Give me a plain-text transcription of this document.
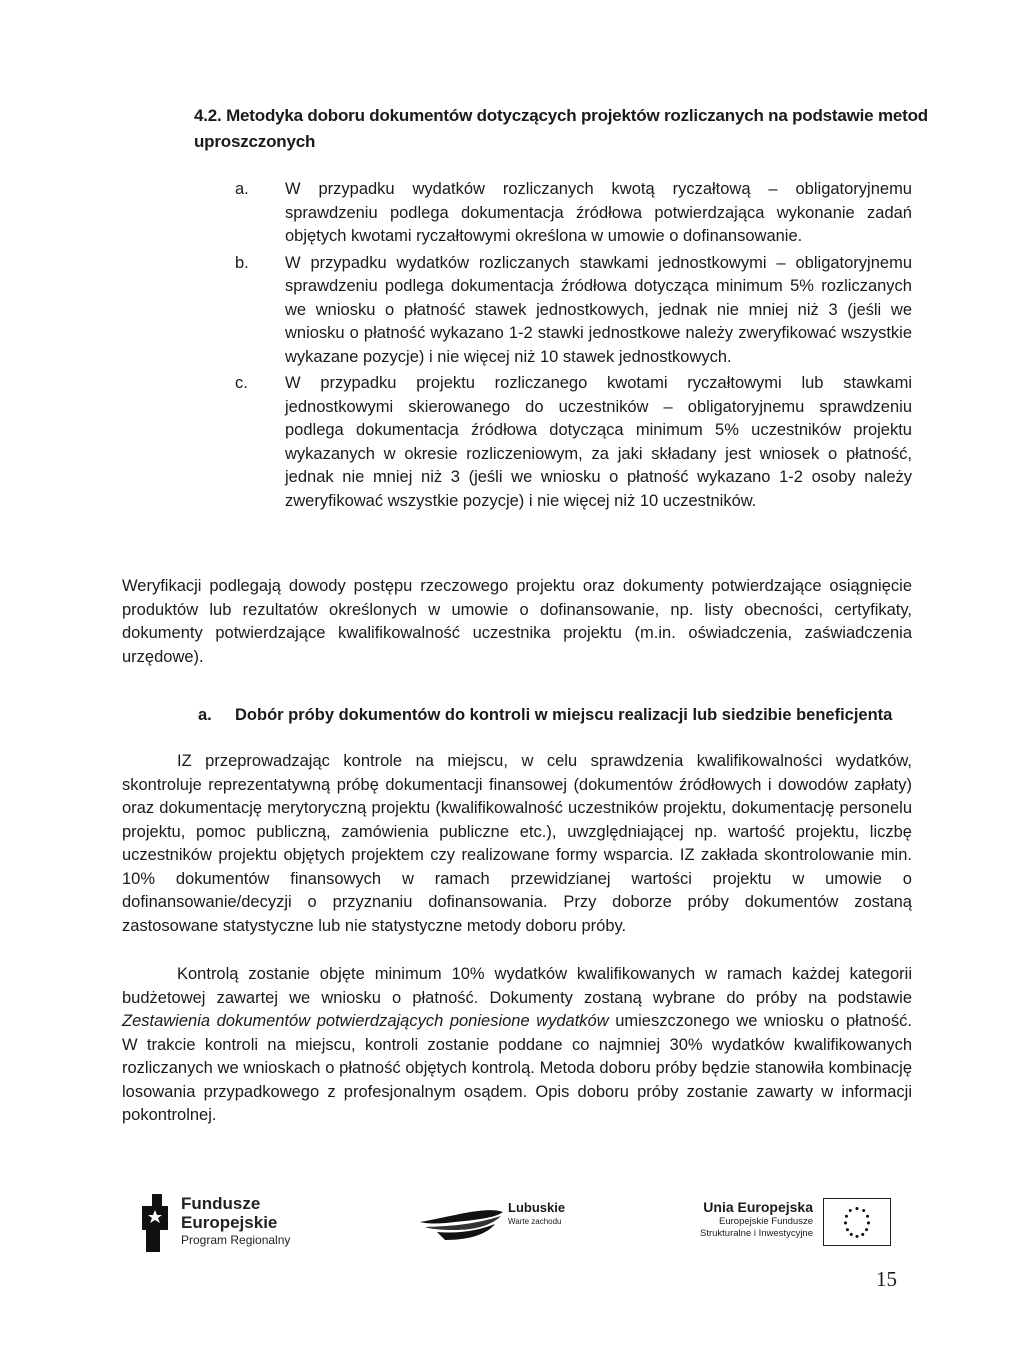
4.2. Metodyka doboru dokumentów dotyczących projektów rozliczanych na podstawie metod uproszczonych
a. W przypadku wydatków rozliczanych kwotą ryczałtową – obligatoryjnemu sprawdzeniu podlega dokumentacja źródłowa potwierdzająca wykonanie zadań objętych kwotami ryczałtowymi określona w umowie o dofinansowanie.
b. W przypadku wydatków rozliczanych stawkami jednostkowymi – obligatoryjnemu sprawdzeniu podlega dokumentacja źródłowa dotycząca minimum 5% rozliczanych we wniosku o płatność stawek jednostkowych, jednak nie mniej niż 3 (jeśli we wniosku o płatność wykazano 1-2 stawki jednostkowe należy zweryfikować wszystkie wykazane pozycje) i nie więcej niż 10 stawek jednostkowych.
c. W przypadku projektu rozliczanego kwotami ryczałtowymi lub stawkami jednostkowymi skierowanego do uczestników – obligatoryjnemu sprawdzeniu podlega dokumentacja źródłowa dotycząca minimum 5% uczestników projektu wykazanych w okresie rozliczeniowym, za jaki składany jest wniosek o płatność, jednak nie mniej niż 3 (jeśli we wniosku o płatność wykazano 1-2 osoby należy zweryfikować wszystkie pozycje) i nie więcej niż 10 uczestników.
Weryfikacji podlegają dowody postępu rzeczowego projektu oraz dokumenty potwierdzające osiągnięcie produktów lub rezultatów określonych w umowie o dofinansowanie, np. listy obecności, certyfikaty, dokumenty potwierdzające kwalifikowalność uczestnika projektu (m.in. oświadczenia, zaświadczenia urzędowe).
a. Dobór próby dokumentów do kontroli w miejscu realizacji lub siedzibie beneficjenta
IZ przeprowadzając kontrole na miejscu, w celu sprawdzenia kwalifikowalności wydatków, skontroluje reprezentatywną próbę dokumentacji finansowej (dokumentów źródłowych i dowodów zapłaty) oraz dokumentację merytoryczną projektu (kwalifikowalność uczestników projektu, dokumentację personelu projektu, pomoc publiczną, zamówienia publiczne etc.), uwzględniającej np. wartość projektu, liczbę uczestników projektu objętych projektem czy realizowane formy wsparcia. IZ zakłada skontrolowanie min. 10% dokumentów finansowych w ramach przewidzianej wartości projektu w umowie o dofinansowanie/decyzji o przyznaniu dofinansowania. Przy doborze próby dokumentów zostaną zastosowane statystyczne lub nie statystyczne metody doboru próby.
Kontrolą zostanie objęte minimum 10% wydatków kwalifikowanych w ramach każdej kategorii budżetowej zawartej we wniosku o płatność. Dokumenty zostaną wybrane do próby na podstawie Zestawienia dokumentów potwierdzających poniesione wydatków umieszczonego we wniosku o płatność. W trakcie kontroli na miejscu, kontroli zostanie poddane co najmniej 30% wydatków kwalifikowanych rozliczanych we wnioskach o płatność objętych kontrolą. Metoda doboru próby będzie stanowiła kombinację losowania przypadkowego z profesjonalnym osądem. Opis doboru próby zostanie zawarty w informacji pokontrolnej.
Fundusze
Europejskie
Program Regionalny
Lubuskie
Warte zachodu
Unia Europejska
Europejskie Fundusze
Strukturalne i Inwestycyjne
15
